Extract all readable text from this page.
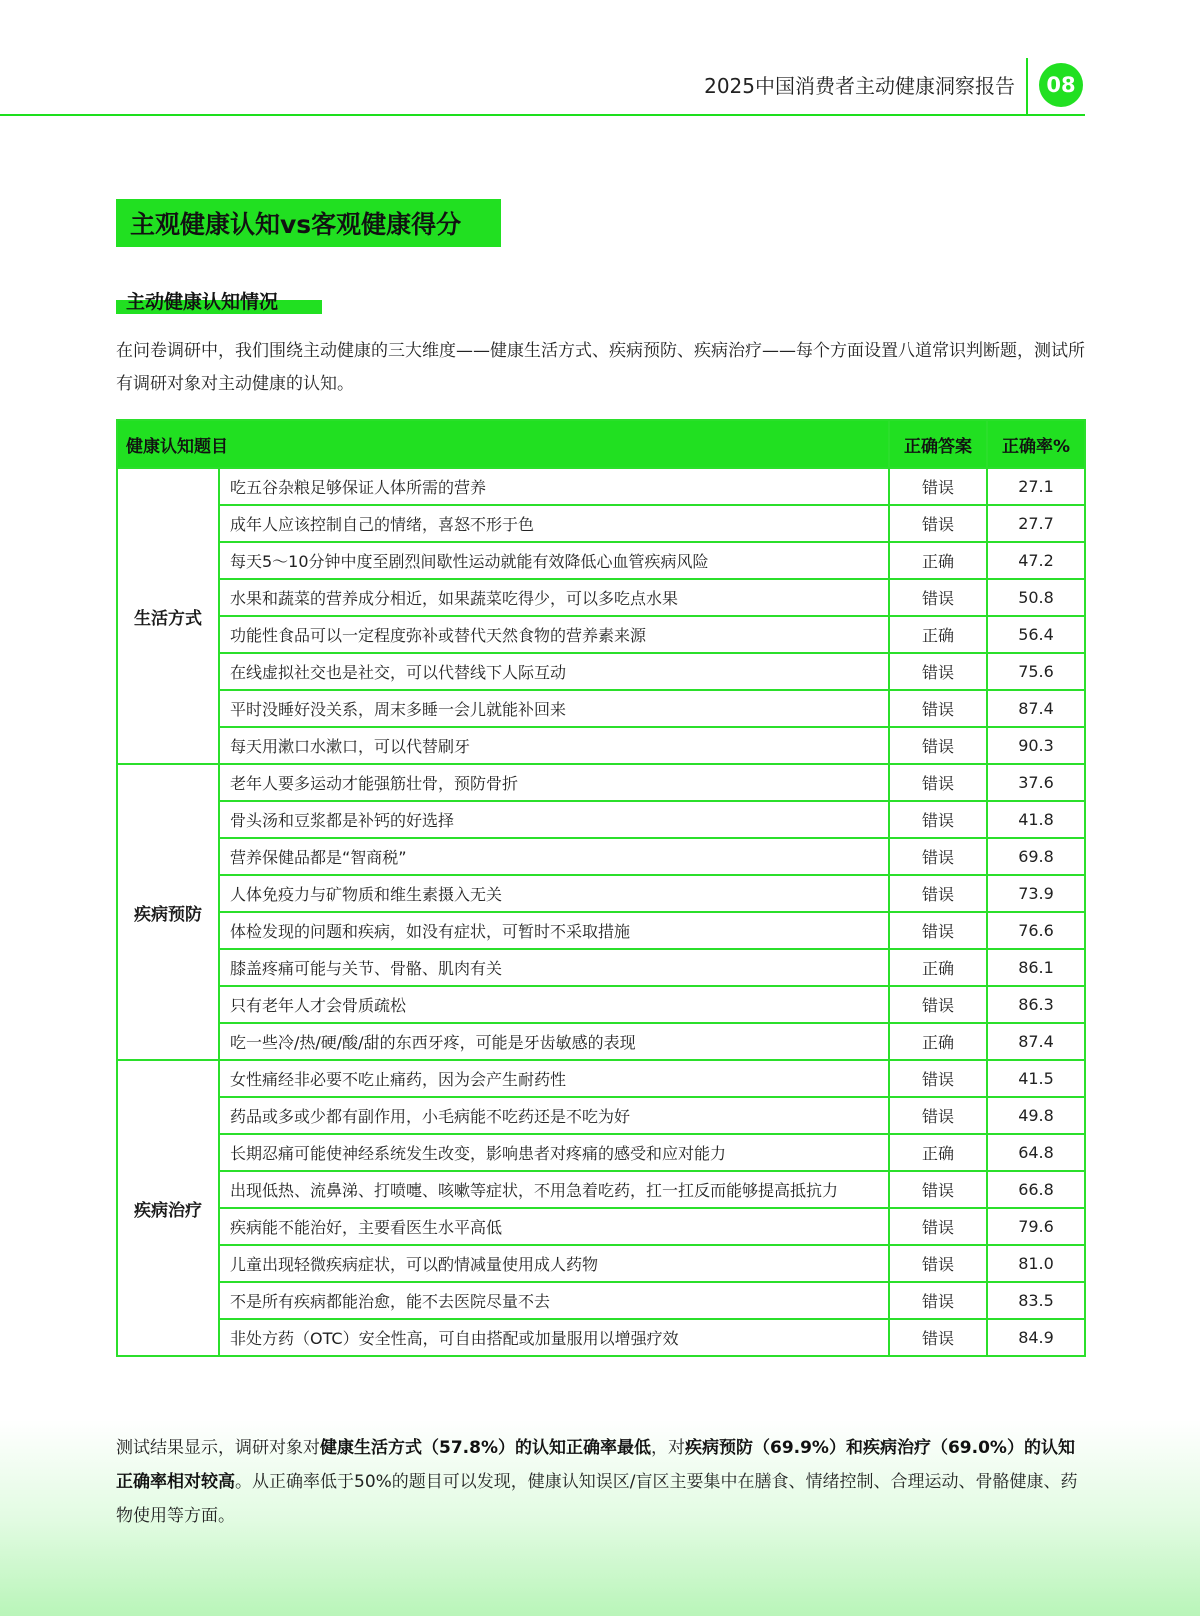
2025中国消费者主动健康洞察报告	08
主观健康认知vs客观健康得分
主动健康认知情况
在问卷调研中，我们围绕主动健康的三大维度——健康生活方式、疾病预防、疾病治疗——每个方面设置八道常识判断题，测试所有调研对象对主动健康的认知。
健康认知题目		正确答案	正确率%
生活方式	吃五谷杂粮足够保证人体所需的营养	错误	27.1
	成年人应该控制自己的情绪，喜怒不形于色	错误	27.7
	每天5～10分钟中度至剧烈间歇性运动就能有效降低心血管疾病风险	正确	47.2
	水果和蔬菜的营养成分相近，如果蔬菜吃得少，可以多吃点水果	错误	50.8
	功能性食品可以一定程度弥补或替代天然食物的营养素来源	正确	56.4
	在线虚拟社交也是社交，可以代替线下人际互动	错误	75.6
	平时没睡好没关系，周末多睡一会儿就能补回来	错误	87.4
	每天用漱口水漱口，可以代替刷牙	错误	90.3
疾病预防	老年人要多运动才能强筋壮骨，预防骨折	错误	37.6
	骨头汤和豆浆都是补钙的好选择	错误	41.8
	营养保健品都是“智商税”	错误	69.8
	人体免疫力与矿物质和维生素摄入无关	错误	73.9
	体检发现的问题和疾病，如没有症状，可暂时不采取措施	错误	76.6
	膝盖疼痛可能与关节、骨骼、肌肉有关	正确	86.1
	只有老年人才会骨质疏松	错误	86.3
	吃一些冷/热/硬/酸/甜的东西牙疼，可能是牙齿敏感的表现	正确	87.4
疾病治疗	女性痛经非必要不吃止痛药，因为会产生耐药性	错误	41.5
	药品或多或少都有副作用，小毛病能不吃药还是不吃为好	错误	49.8
	长期忍痛可能使神经系统发生改变，影响患者对疼痛的感受和应对能力	正确	64.8
	出现低热、流鼻涕、打喷嚏、咳嗽等症状，不用急着吃药，扛一扛反而能够提高抵抗力	错误	66.8
	疾病能不能治好，主要看医生水平高低	错误	79.6
	儿童出现轻微疾病症状，可以酌情减量使用成人药物	错误	81.0
	不是所有疾病都能治愈，能不去医院尽量不去	错误	83.5
	非处方药（OTC）安全性高，可自由搭配或加量服用以增强疗效	错误	84.9
测试结果显示，调研对象对健康生活方式（57.8%）的认知正确率最低，对疾病预防（69.9%）和疾病治疗（69.0%）的认知正确率相对较高。从正确率低于50%的题目可以发现，健康认知误区/盲区主要集中在膳食、情绪控制、合理运动、骨骼健康、药物使用等方面。
